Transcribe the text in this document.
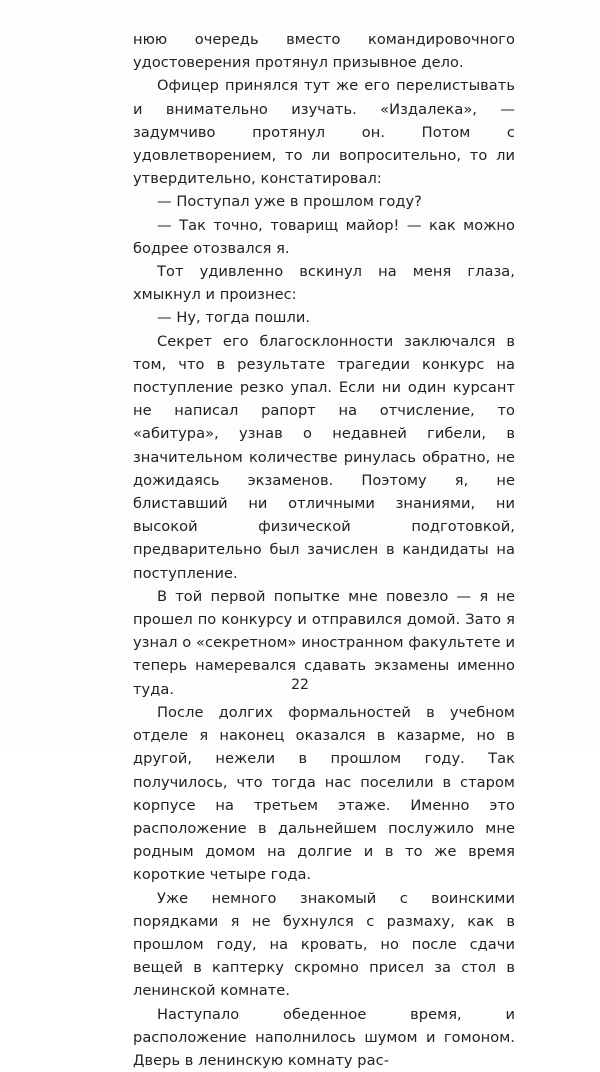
нюю очередь вместо командировочного удостоверения протянул призывное дело.

Офицер принялся тут же его перелистывать и внимательно изучать. «Издалека», — задумчиво протянул он. Потом с удовлетворением, то ли вопросительно, то ли утвердительно, констатировал:

— Поступал уже в прошлом году?

— Так точно, товарищ майор! — как можно бодрее отозвался я.

Тот удивленно вскинул на меня глаза, хмыкнул и произнес:

— Ну, тогда пошли.

Секрет его благосклонности заключался в том, что в результате трагедии конкурс на поступление резко упал. Если ни один курсант не написал рапорт на отчисление, то «абитура», узнав о недавней гибели, в значительном количестве ринулась обратно, не дожидаясь экзаменов. Поэтому я, не блиставший ни отличными знаниями, ни высокой физической подготовкой, предварительно был зачислен в кандидаты на поступление.

В той первой попытке мне повезло — я не прошел по конкурсу и отправился домой. Зато я узнал о «секретном» иностранном факультете и теперь намеревался сдавать экзамены именно туда.

После долгих формальностей в учебном отделе я наконец оказался в казарме, но в другой, нежели в прошлом году. Так получилось, что тогда нас поселили в старом корпусе на третьем этаже. Именно это расположение в дальнейшем послужило мне родным домом на долгие и в то же время короткие четыре года.

Уже немного знакомый с воинскими порядками я не бухнулся с размаху, как в прошлом году, на кровать, но после сдачи вещей в каптерку скромно присел за стол в ленинской комнате.

Наступало обеденное время, и расположение наполнилось шумом и гомоном. Дверь в ленинскую комнату рас-

22
